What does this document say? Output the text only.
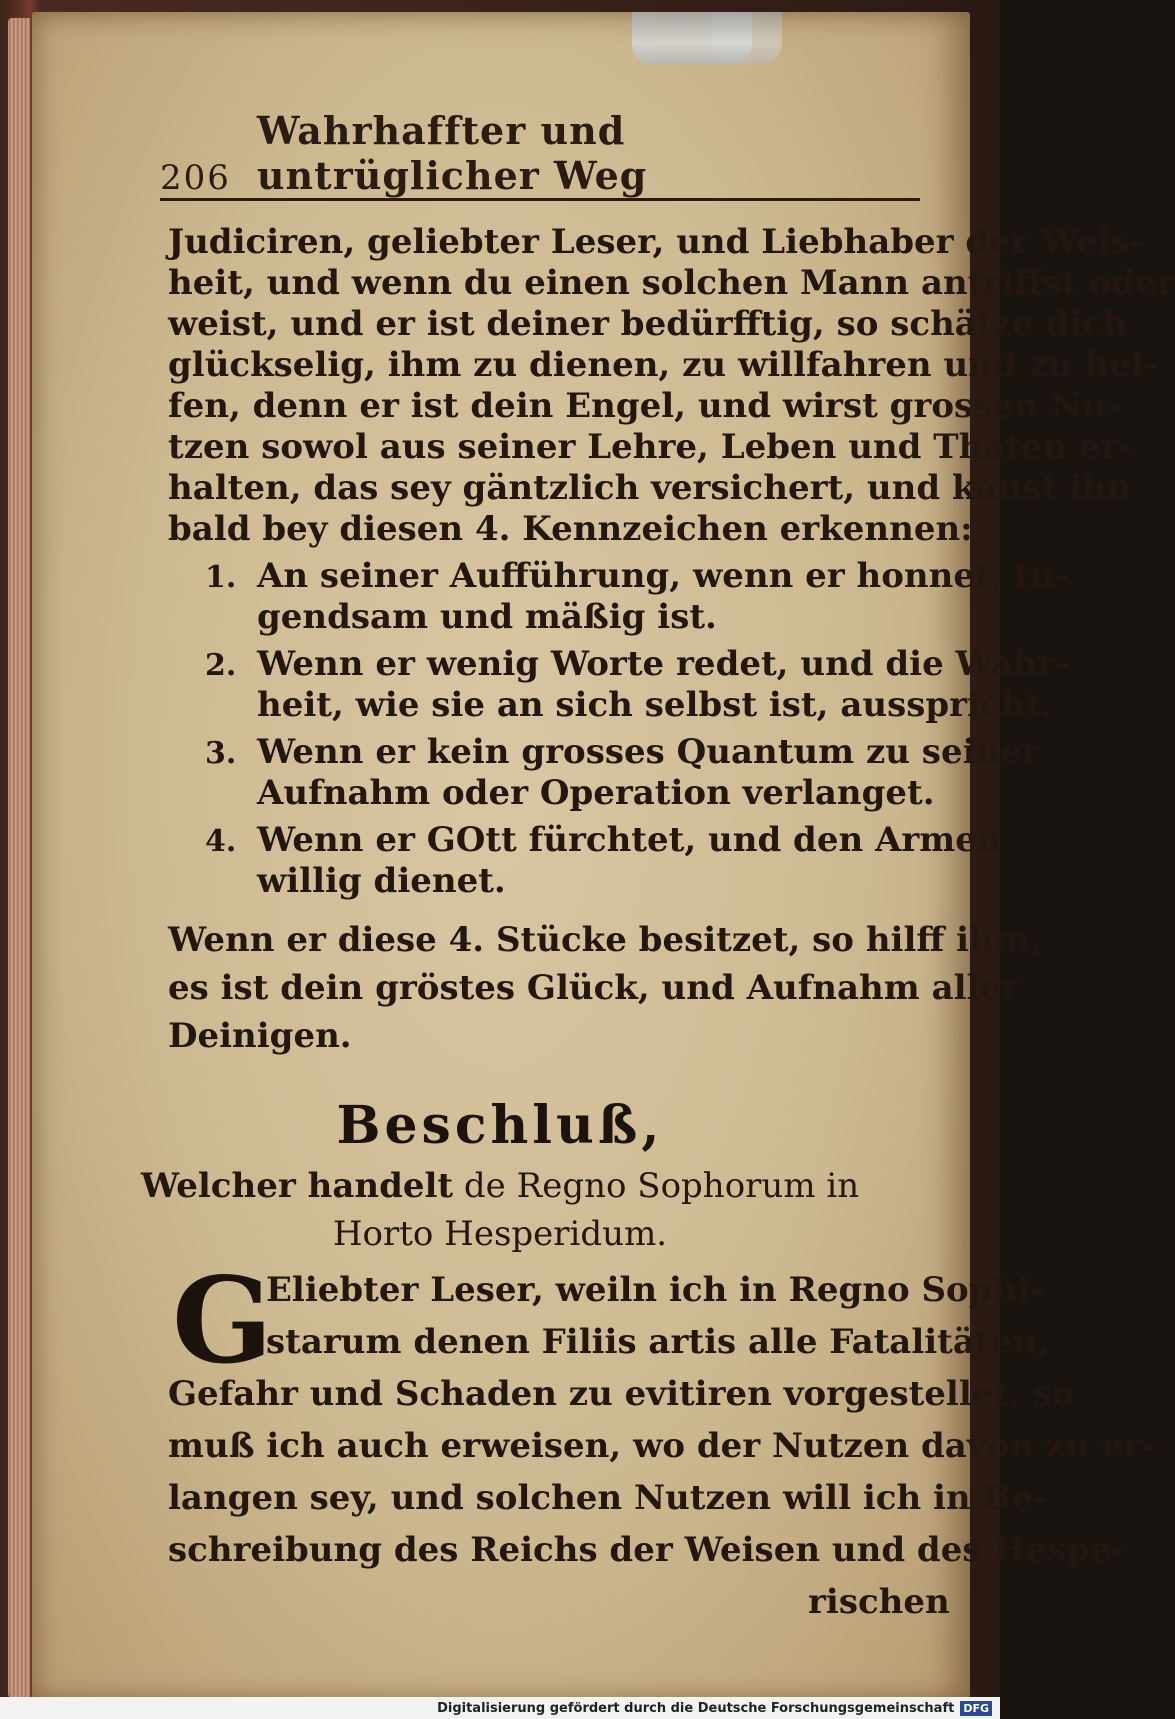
206
Wahrhaffter und untrüglicher Weg
Judiciren, geliebter Leser, und Liebhaber der Weis-
heit, und wenn du einen solchen Mann antriffst oder
weist, und er ist deiner bedürfftig, so schätze dich
glückselig, ihm zu dienen, zu willfahren und zu hel-
fen, denn er ist dein Engel, und wirst grossen Nu-
tzen sowol aus seiner Lehre, Leben und Thaten er-
halten, das sey gäntzlich versichert, und kanst ihn
bald bey diesen 4. Kennzeichen erkennen:
1. An seiner Aufführung, wenn er honnet, tu-
gendsam und mäßig ist.
2. Wenn er wenig Worte redet, und die Wahr-
heit, wie sie an sich selbst ist, ausspricht.
3. Wenn er kein grosses Quantum zu seiner
Aufnahm oder Operation verlanget.
4. Wenn er GOtt fürchtet, und den Armen
willig dienet.
Wenn er diese 4. Stücke besitzet, so hilff ihm,
es ist dein gröstes Glück, und Aufnahm aller
Deinigen.
Beschluß,
Welcher handelt de Regno Sophorum in
Horto Hesperidum.
G
Eliebter Leser, weiln ich in Regno Sophi-
starum denen Filiis artis alle Fatalitäten,
Gefahr und Schaden zu evitiren vorgestellet, so
muß ich auch erweisen, wo der Nutzen davon zu er-
langen sey, und solchen Nutzen will ich in Be-
schreibung des Reichs der Weisen und des Hespe-
rischen
Digitalisierung gefördert durch die Deutsche Forschungsgemeinschaft DFG
